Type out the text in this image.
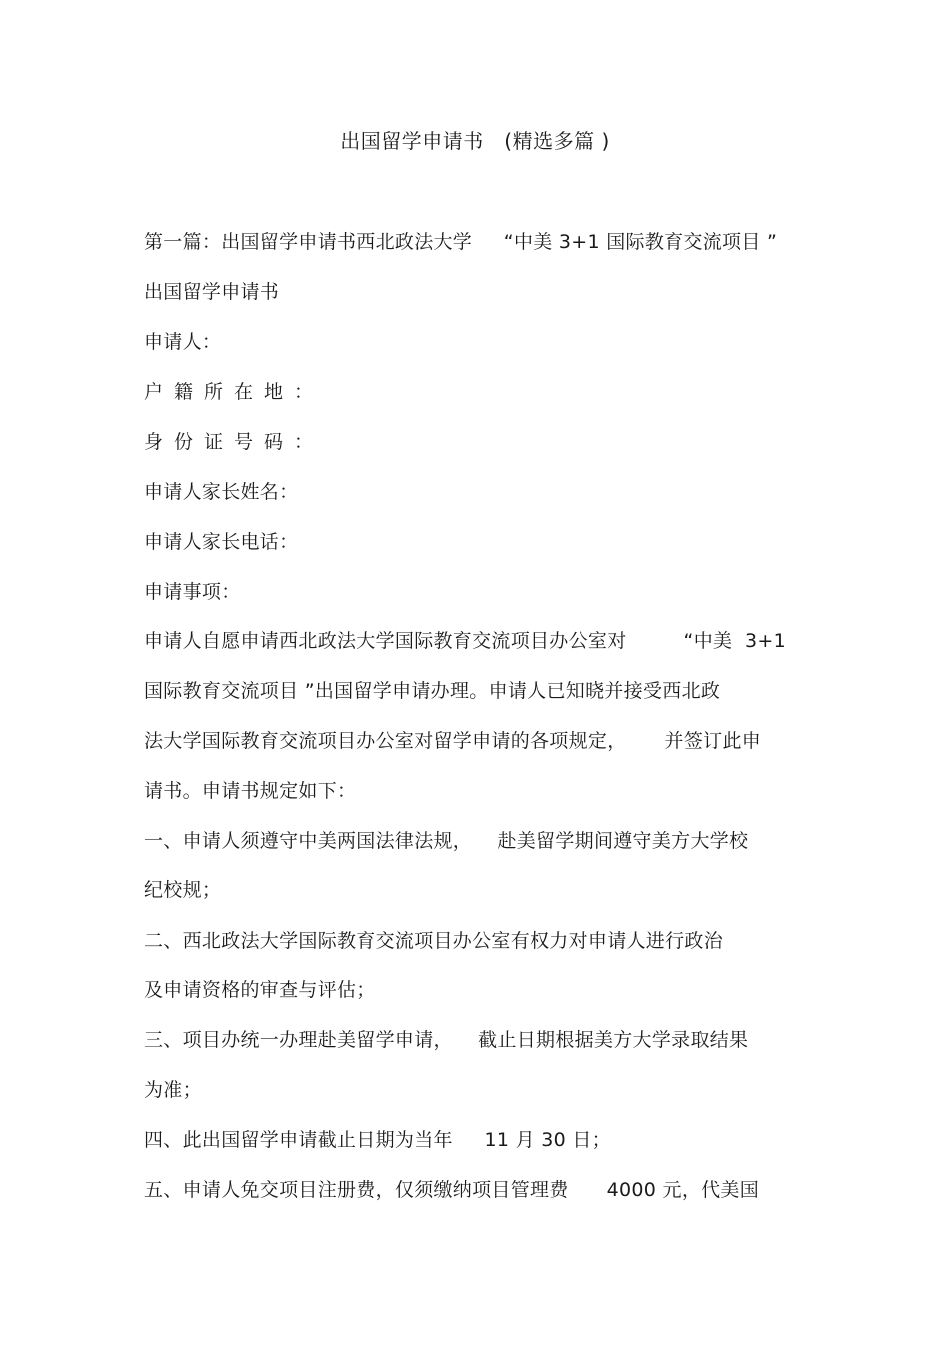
出国留学申请书   (精选多篇 )
第一篇：出国留学申请书西北政法大学     “中美 3+1 国际教育交流项目 ”
出国留学申请书
申请人：
户籍所在地：
身份证号码：
申请人家长姓名：
申请人家长电话：
申请事项：
申请人自愿申请西北政法大学国际教育交流项目办公室对         “中美  3+1
国际教育交流项目 ”出国留学申请办理。申请人已知晓并接受西北政
法大学国际教育交流项目办公室对留学申请的各项规定，      并签订此申
请书。申请书规定如下：
一、申请人须遵守中美两国法律法规，    赴美留学期间遵守美方大学校
纪校规；
二、西北政法大学国际教育交流项目办公室有权力对申请人进行政治
及申请资格的审查与评估；
三、项目办统一办理赴美留学申请，    截止日期根据美方大学录取结果
为准；
四、此出国留学申请截止日期为当年     11 月 30 日；
五、申请人免交项目注册费，仅须缴纳项目管理费      4000 元，代美国
